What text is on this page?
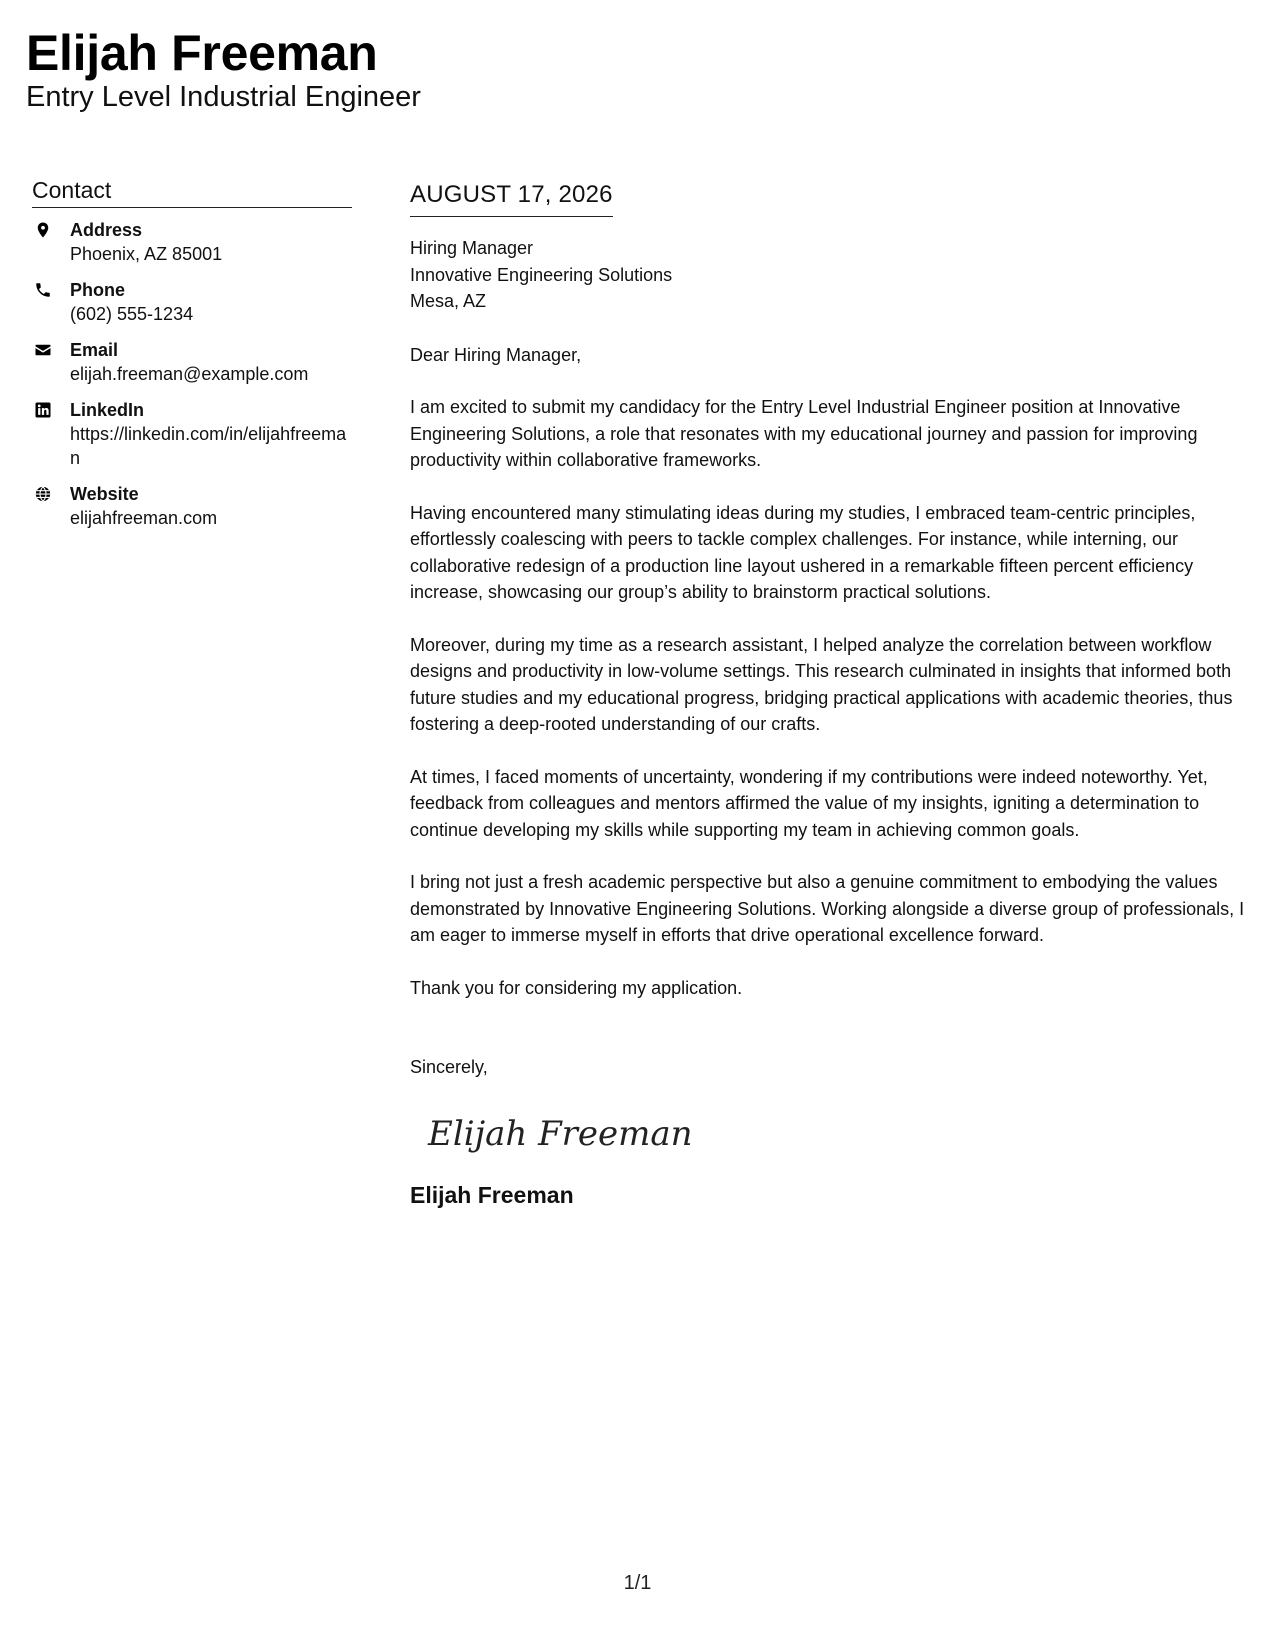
Elijah Freeman
Entry Level Industrial Engineer
Contact
Address
Phoenix, AZ 85001
Phone
(602) 555-1234
Email
elijah.freeman@example.com
LinkedIn
https://linkedin.com/in/elijahfreeman
Website
elijahfreeman.com
AUGUST 17, 2026
Hiring Manager
Innovative Engineering Solutions
Mesa, AZ
Dear Hiring Manager,
I am excited to submit my candidacy for the Entry Level Industrial Engineer position at Innovative Engineering Solutions, a role that resonates with my educational journey and passion for improving productivity within collaborative frameworks.
Having encountered many stimulating ideas during my studies, I embraced team-centric principles, effortlessly coalescing with peers to tackle complex challenges. For instance, while interning, our collaborative redesign of a production line layout ushered in a remarkable fifteen percent efficiency increase, showcasing our group’s ability to brainstorm practical solutions.
Moreover, during my time as a research assistant, I helped analyze the correlation between workflow designs and productivity in low-volume settings. This research culminated in insights that informed both future studies and my educational progress, bridging practical applications with academic theories, thus fostering a deep-rooted understanding of our crafts.
At times, I faced moments of uncertainty, wondering if my contributions were indeed noteworthy. Yet, feedback from colleagues and mentors affirmed the value of my insights, igniting a determination to continue developing my skills while supporting my team in achieving common goals.
I bring not just a fresh academic perspective but also a genuine commitment to embodying the values demonstrated by Innovative Engineering Solutions. Working alongside a diverse group of professionals, I am eager to immerse myself in efforts that drive operational excellence forward.
Thank you for considering my application.
Sincerely,
Elijah Freeman
Elijah Freeman
1/1
